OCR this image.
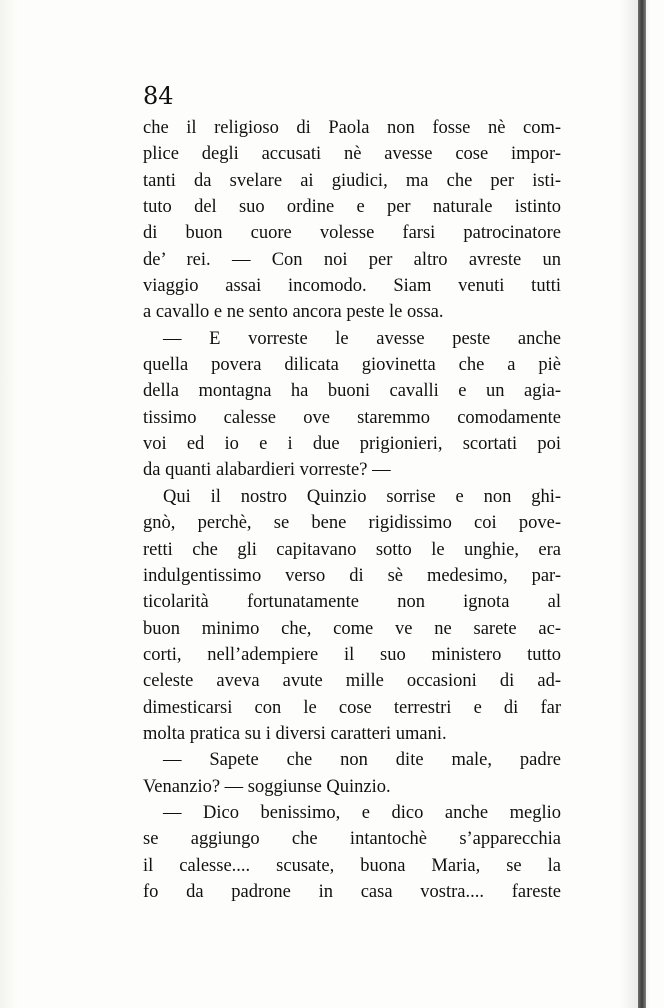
84
che il religioso di Paola non fosse nè com-
plice degli accusati nè avesse cose impor-
tanti da svelare ai giudici, ma che per isti-
tuto del suo ordine e per naturale istinto
di buon cuore volesse farsi patrocinatore
de’ rei. — Con noi per altro avreste un
viaggio assai incomodo. Siam venuti tutti
a cavallo e ne sento ancora peste le ossa.
— E vorreste le avesse peste anche
quella povera dilicata giovinetta che a piè
della montagna ha buoni cavalli e un agia-
tissimo calesse ove staremmo comodamente
voi ed io e i due prigionieri, scortati poi
da quanti alabardieri vorreste? —
Qui il nostro Quinzio sorrise e non ghi-
gnò, perchè, se bene rigidissimo coi pove-
retti che gli capitavano sotto le unghie, era
indulgentissimo verso di sè medesimo, par-
ticolarità fortunatamente non ignota al
buon minimo che, come ve ne sarete ac-
corti, nell’adempiere il suo ministero tutto
celeste aveva avute mille occasioni di ad-
dimesticarsi con le cose terrestri e di far
molta pratica su i diversi caratteri umani.
— Sapete che non dite male, padre
Venanzio? — soggiunse Quinzio.
— Dico benissimo, e dico anche meglio
se aggiungo che intantochè s’apparecchia
il calesse.... scusate, buona Maria, se la
fo da padrone in casa vostra.... fareste
